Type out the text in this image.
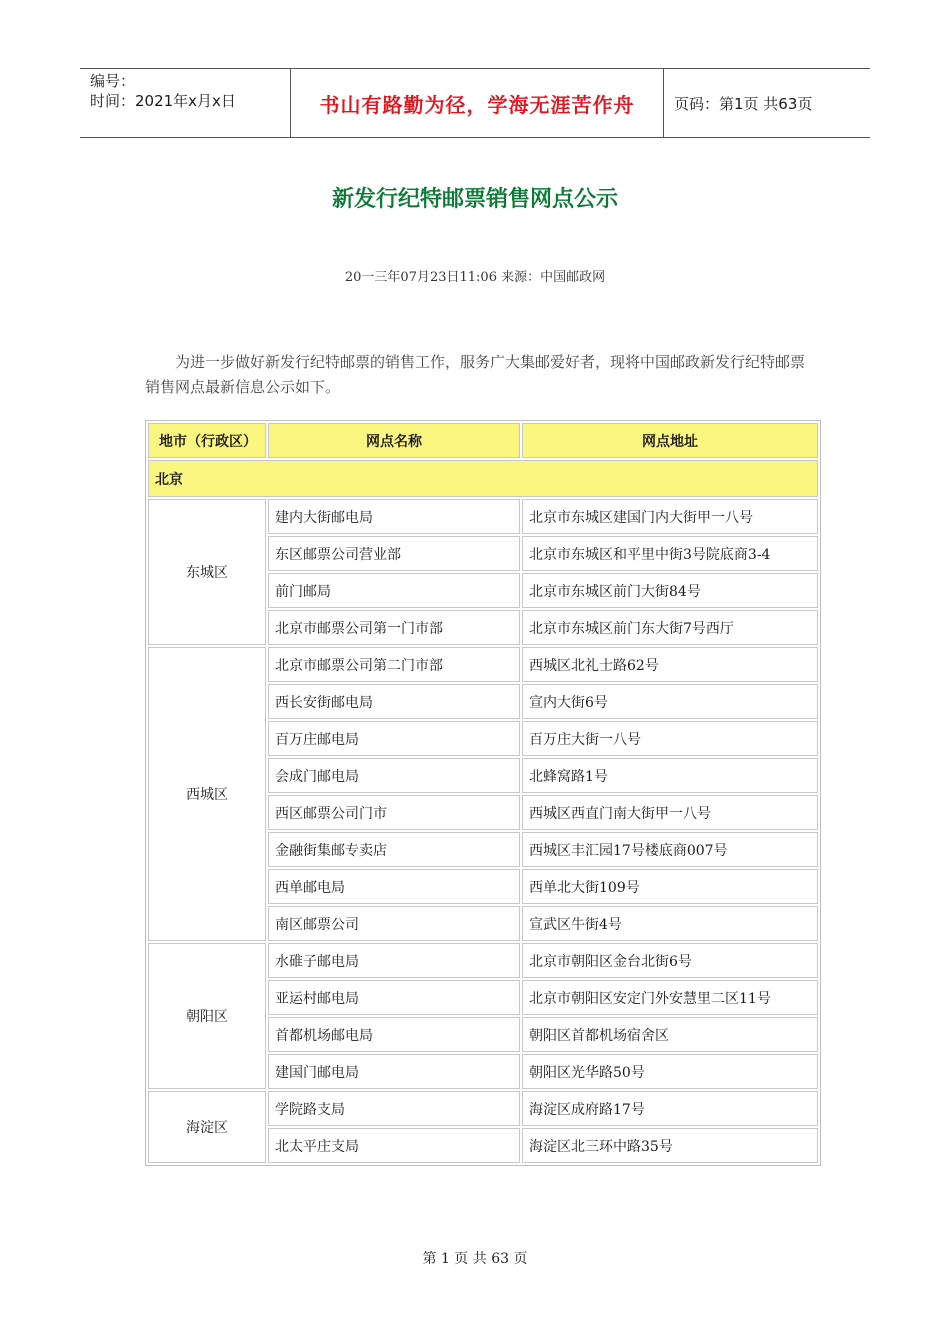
编号：
时间：2021年x月x日	书山有路勤为径，学海无涯苦作舟	页码：第1页 共63页
新发行纪特邮票销售网点公示
20一三年07月23日11:06 来源：中国邮政网
为进一步做好新发行纪特邮票的销售工作，服务广大集邮爱好者，现将中国邮政新发行纪特邮票销售网点最新信息公示如下。
地市（行政区）	网点名称	网点地址
北京		
东城区	建内大街邮电局	北京市东城区建国门内大街甲一八号
	东区邮票公司营业部	北京市东城区和平里中街3号院底商3-4
	前门邮局	北京市东城区前门大街84号
	北京市邮票公司第一门市部	北京市东城区前门东大街7号西厅
西城区	北京市邮票公司第二门市部	西城区北礼士路62号
	西长安街邮电局	宣内大街6号
	百万庄邮电局	百万庄大街一八号
	会成门邮电局	北蜂窝路1号
	西区邮票公司门市	西城区西直门南大街甲一八号
	金融街集邮专卖店	西城区丰汇园17号楼底商007号
	西单邮电局	西单北大街109号
	南区邮票公司	宣武区牛街4号
朝阳区	水碓子邮电局	北京市朝阳区金台北街6号
	亚运村邮电局	北京市朝阳区安定门外安慧里二区11号
	首都机场邮电局	朝阳区首都机场宿舍区
	建国门邮电局	朝阳区光华路50号
海淀区	学院路支局	海淀区成府路17号
	北太平庄支局	海淀区北三环中路35号
第 1 页 共 63 页
